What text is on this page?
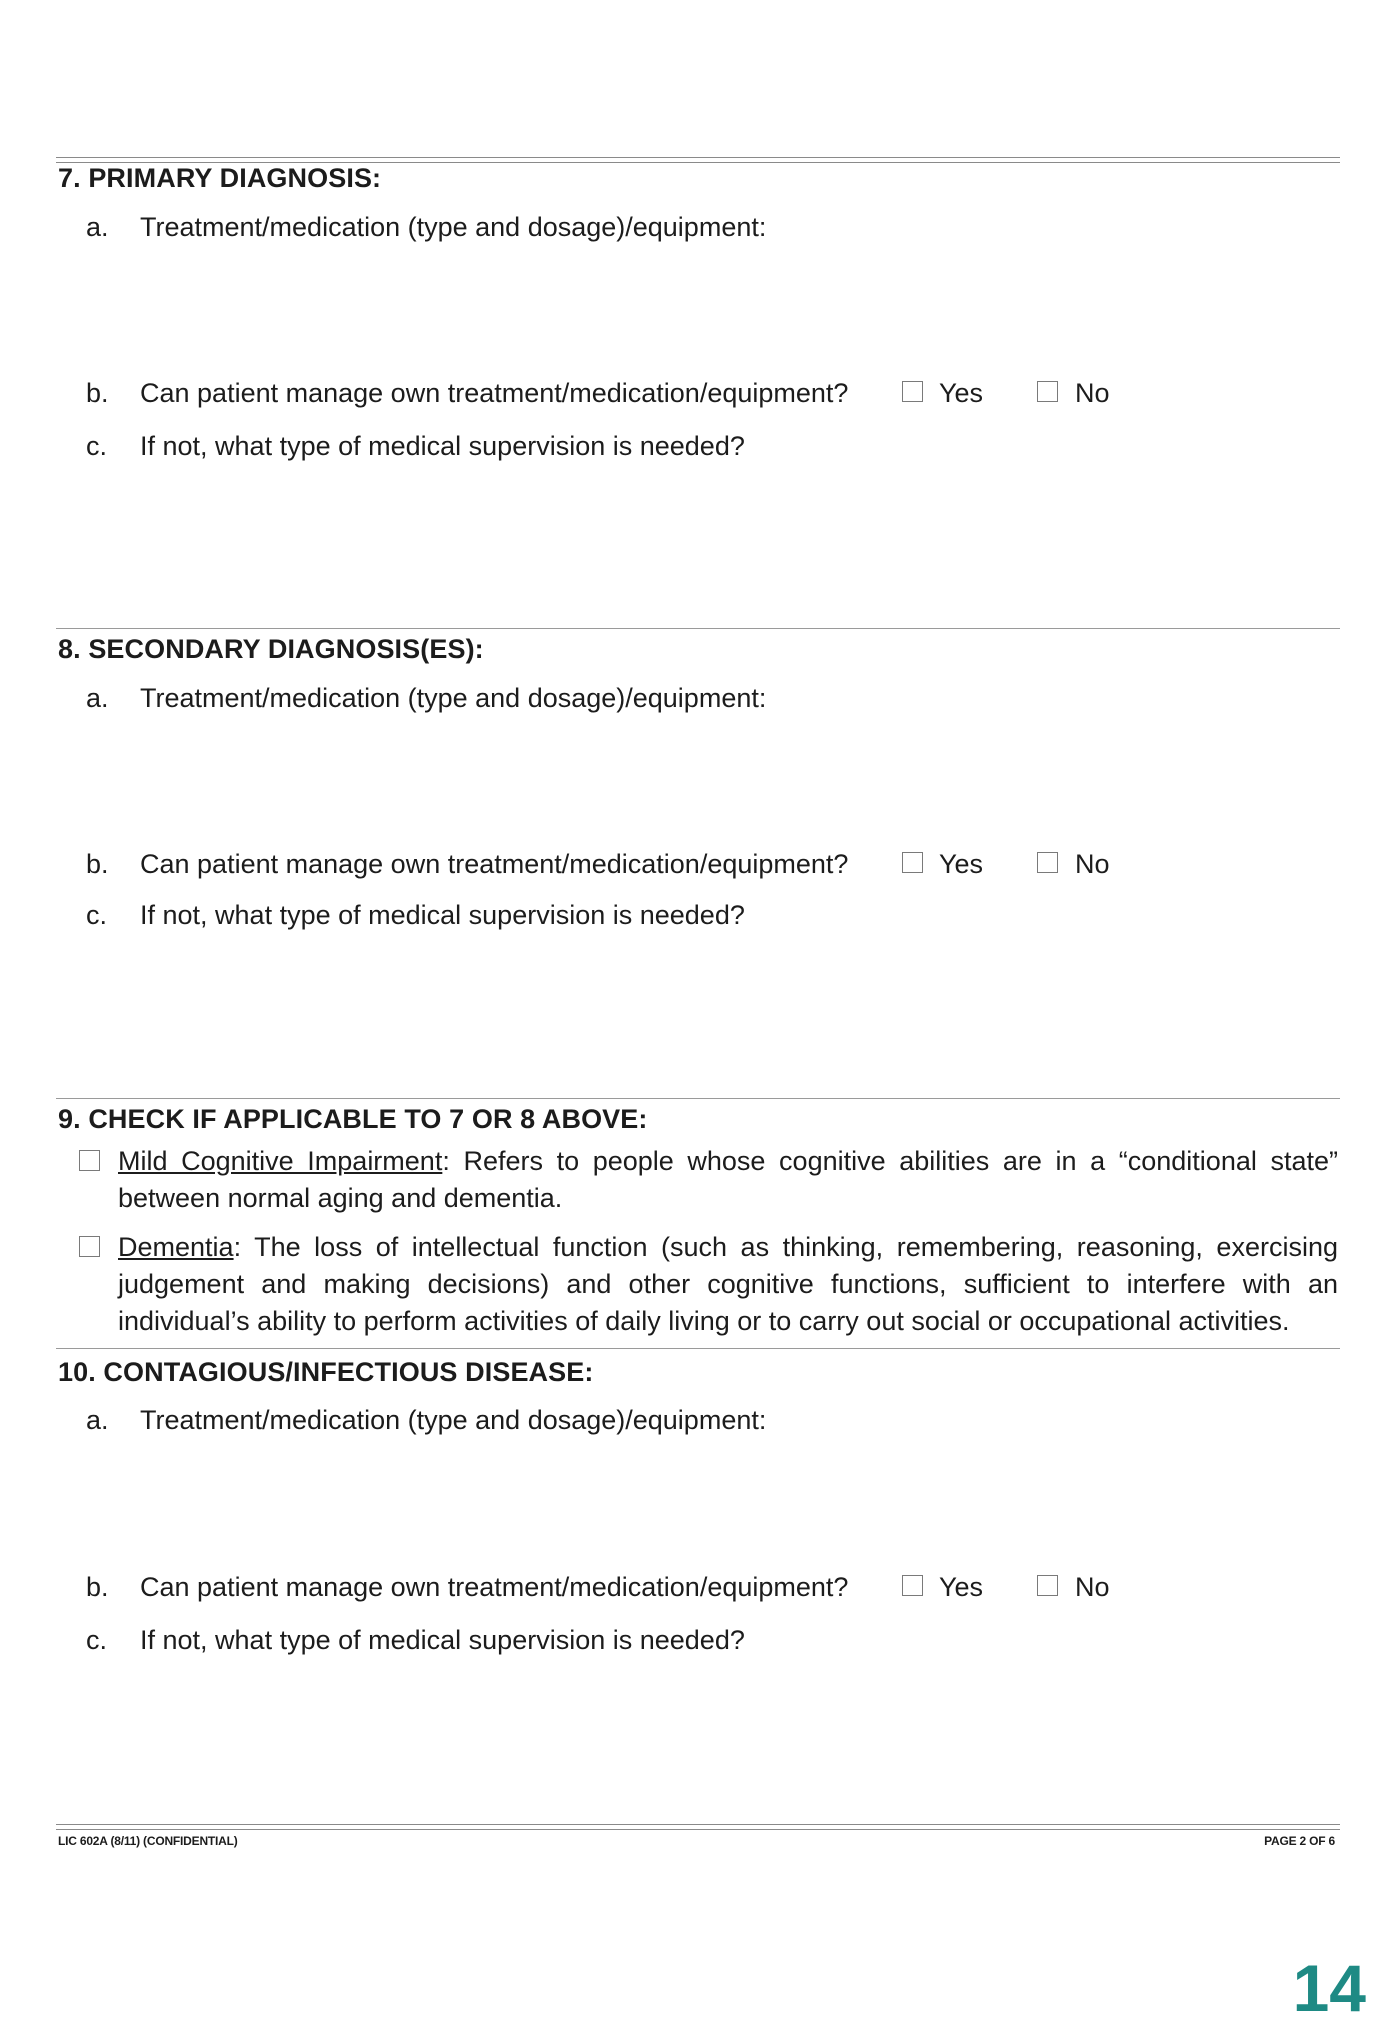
7. PRIMARY DIAGNOSIS:
a. Treatment/medication (type and dosage)/equipment:
b. Can patient manage own treatment/medication/equipment?	Yes	No
c. If not, what type of medical supervision is needed?
8. SECONDARY DIAGNOSIS(ES):
a. Treatment/medication (type and dosage)/equipment:
b. Can patient manage own treatment/medication/equipment?	Yes	No
c. If not, what type of medical supervision is needed?
9. CHECK IF APPLICABLE TO 7 OR 8 ABOVE:
Mild Cognitive Impairment: Refers to people whose cognitive abilities are in a “conditional state” between normal aging and dementia.
Dementia: The loss of intellectual function (such as thinking, remembering, reasoning, exercising judgement and making decisions) and other cognitive functions, sufficient to interfere with an individual’s ability to perform activities of daily living or to carry out social or occupational activities.
10. CONTAGIOUS/INFECTIOUS DISEASE:
a. Treatment/medication (type and dosage)/equipment:
b. Can patient manage own treatment/medication/equipment?	Yes	No
c. If not, what type of medical supervision is needed?
LIC 602A (8/11) (CONFIDENTIAL)	PAGE 2 OF 6
14
